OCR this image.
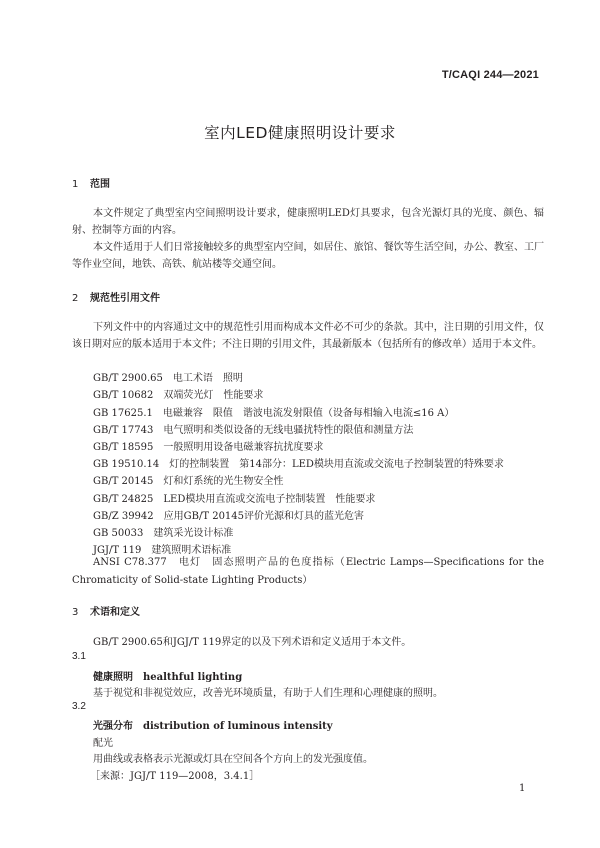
T/CAQI 244—2021
室内LED健康照明设计要求
1 范围
本文件规定了典型室内空间照明设计要求，健康照明LED灯具要求，包含光源灯具的光度、颜色、辐射、控制等方面的内容。
本文件适用于人们日常接触较多的典型室内空间，如居住、旅馆、餐饮等生活空间，办公、教室、工厂等作业空间，地铁、高铁、航站楼等交通空间。
2 规范性引用文件
下列文件中的内容通过文中的规范性引用而构成本文件必不可少的条款。其中，注日期的引用文件，仅该日期对应的版本适用于本文件；不注日期的引用文件，其最新版本（包括所有的修改单）适用于本文件。
GB/T 2900.65　 电工术语　照明
GB/T 10682　 双端荧光灯　性能要求
GB 17625.1　 电磁兼容　限值　谐波电流发射限值（设备每相输入电流≤16 A）
GB/T 17743　 电气照明和类似设备的无线电骚扰特性的限值和测量方法
GB/T 18595　 一般照明用设备电磁兼容抗扰度要求
GB 19510.14　 灯的控制装置　第14部分：LED模块用直流或交流电子控制装置的特殊要求
GB/T 20145　 灯和灯系统的光生物安全性
GB/T 24825　 LED模块用直流或交流电子控制装置　性能要求
GB/Z 39942　 应用GB/T 20145评价光源和灯具的蓝光危害
GB 50033　 建筑采光设计标准
JGJ/T 119　 建筑照明术语标准
ANSI C78.377　电灯　固态照明产品的色度指标（Electric Lamps—Specifications for the Chromaticity of Solid-state Lighting Products）
3 术语和定义
GB/T 2900.65和JGJ/T 119界定的以及下列术语和定义适用于本文件。
3.1
健康照明 healthful lighting
基于视觉和非视觉效应，改善光环境质量，有助于人们生理和心理健康的照明。
3.2
光强分布 distribution of luminous intensity
配光
用曲线或表格表示光源或灯具在空间各个方向上的发光强度值。
［来源：JGJ/T 119—2008，3.4.1］
1
